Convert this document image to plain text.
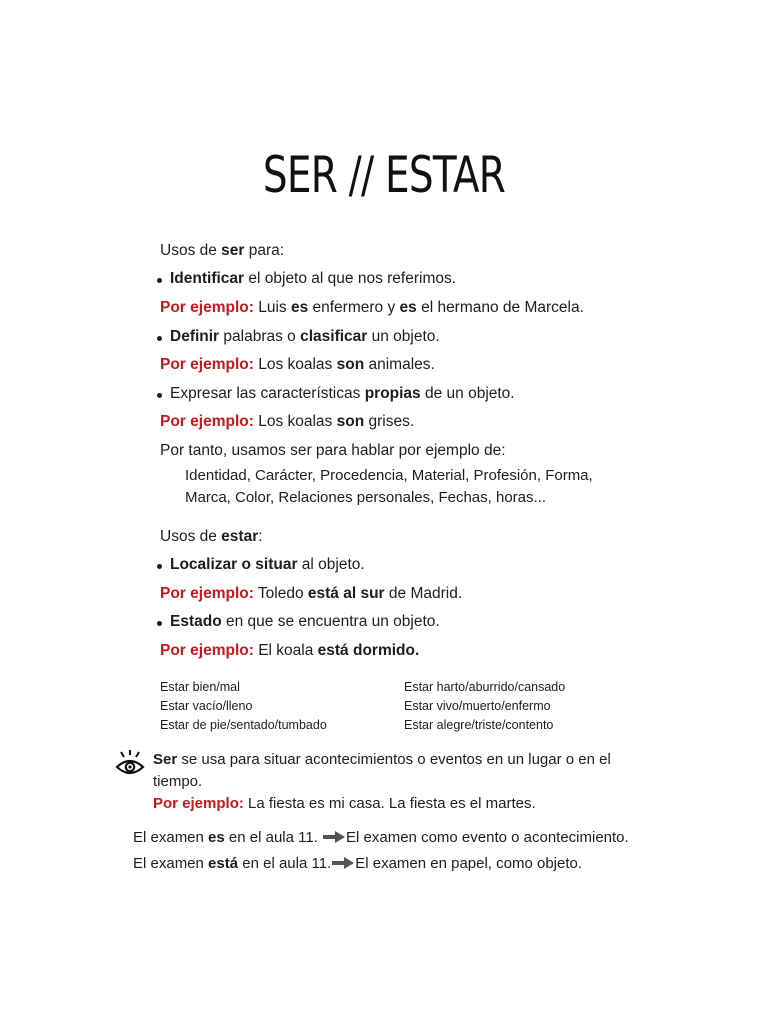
SER // ESTAR
Usos de ser para:
Identificar el objeto al que nos referimos.
Por ejemplo: Luis es enfermero y es el hermano de Marcela.
Definir palabras o clasificar un objeto.
Por ejemplo: Los koalas son animales.
Expresar las características propias de un objeto.
Por ejemplo: Los koalas son grises.
Por tanto, usamos ser para hablar por ejemplo de:
Identidad, Carácter, Procedencia, Material, Profesión, Forma, Marca, Color, Relaciones personales, Fechas, horas...
Usos de estar:
Localizar o situar al objeto.
Por ejemplo: Toledo está al sur de Madrid.
Estado en que se encuentra un objeto.
Por ejemplo: El koala está dormido.
Estar bien/mal	Estar harto/aburrido/cansado
Estar vacío/lleno	Estar vivo/muerto/enfermo
Estar de pie/sentado/tumbado	Estar alegre/triste/contento
Ser se usa para situar acontecimientos o eventos en un lugar o en el tiempo.
Por ejemplo: La fiesta es mi casa. La fiesta es el martes.
El examen es en el aula 11. El examen como evento o acontecimiento.
El examen está en el aula 11. El examen en papel, como objeto.
